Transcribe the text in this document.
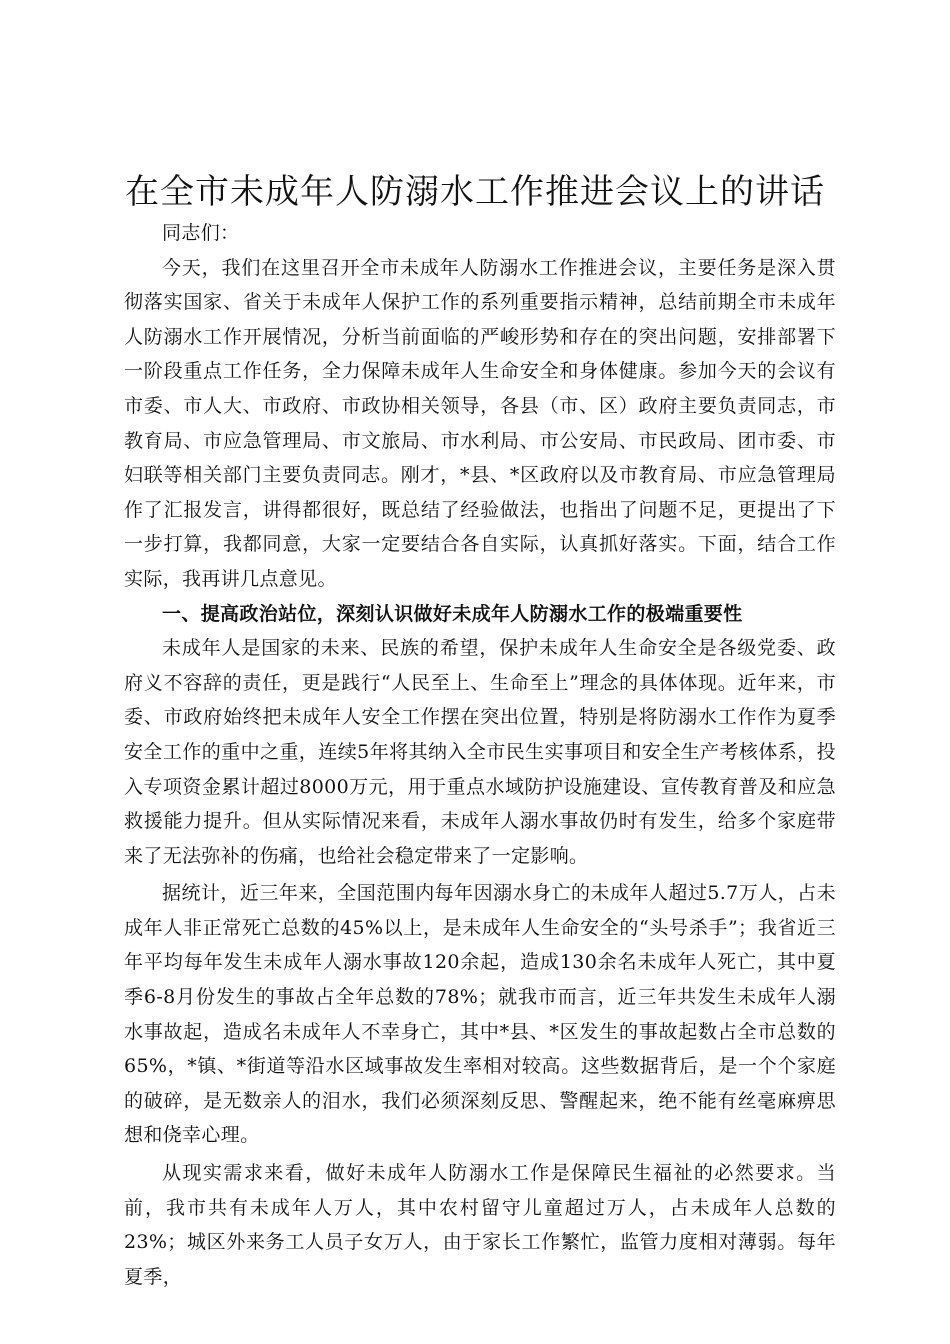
在全市未成年人防溺水工作推进会议上的讲话

同志们：

今天，我们在这里召开全市未成年人防溺水工作推进会议，主要任务是深入贯彻落实国家、省关于未成年人保护工作的系列重要指示精神，总结前期全市未成年人防溺水工作开展情况，分析当前面临的严峻形势和存在的突出问题，安排部署下一阶段重点工作任务，全力保障未成年人生命安全和身体健康。参加今天的会议有市委、市人大、市政府、市政协相关领导，各县（市、区）政府主要负责同志，市教育局、市应急管理局、市文旅局、市水利局、市公安局、市民政局、团市委、市妇联等相关部门主要负责同志。刚才，*县、*区政府以及市教育局、市应急管理局作了汇报发言，讲得都很好，既总结了经验做法，也指出了问题不足，更提出了下一步打算，我都同意，大家一定要结合各自实际，认真抓好落实。下面，结合工作实际，我再讲几点意见。

一、提高政治站位，深刻认识做好未成年人防溺水工作的极端重要性

未成年人是国家的未来、民族的希望，保护未成年人生命安全是各级党委、政府义不容辞的责任，更是践行“人民至上、生命至上”理念的具体体现。近年来，市委、市政府始终把未成年人安全工作摆在突出位置，特别是将防溺水工作作为夏季安全工作的重中之重，连续5年将其纳入全市民生实事项目和安全生产考核体系，投入专项资金累计超过8000万元，用于重点水域防护设施建设、宣传教育普及和应急救援能力提升。但从实际情况来看，未成年人溺水事故仍时有发生，给多个家庭带来了无法弥补的伤痛，也给社会稳定带来了一定影响。

据统计，近三年来，全国范围内每年因溺水身亡的未成年人超过5.7万人，占未成年人非正常死亡总数的45%以上，是未成年人生命安全的“头号杀手”；我省近三年平均每年发生未成年人溺水事故120余起，造成130余名未成年人死亡，其中夏季6-8月份发生的事故占全年总数的78%；就我市而言，近三年共发生未成年人溺水事故起，造成名未成年人不幸身亡，其中*县、*区发生的事故起数占全市总数的65%，*镇、*街道等沿水区域事故发生率相对较高。这些数据背后，是一个个家庭的破碎，是无数亲人的泪水，我们必须深刻反思、警醒起来，绝不能有丝毫麻痹思想和侥幸心理。

从现实需求来看，做好未成年人防溺水工作是保障民生福祉的必然要求。当前，我市共有未成年人万人，其中农村留守儿童超过万人，占未成年人总数的23%；城区外来务工人员子女万人，由于家长工作繁忙，监管力度相对薄弱。每年夏季，
